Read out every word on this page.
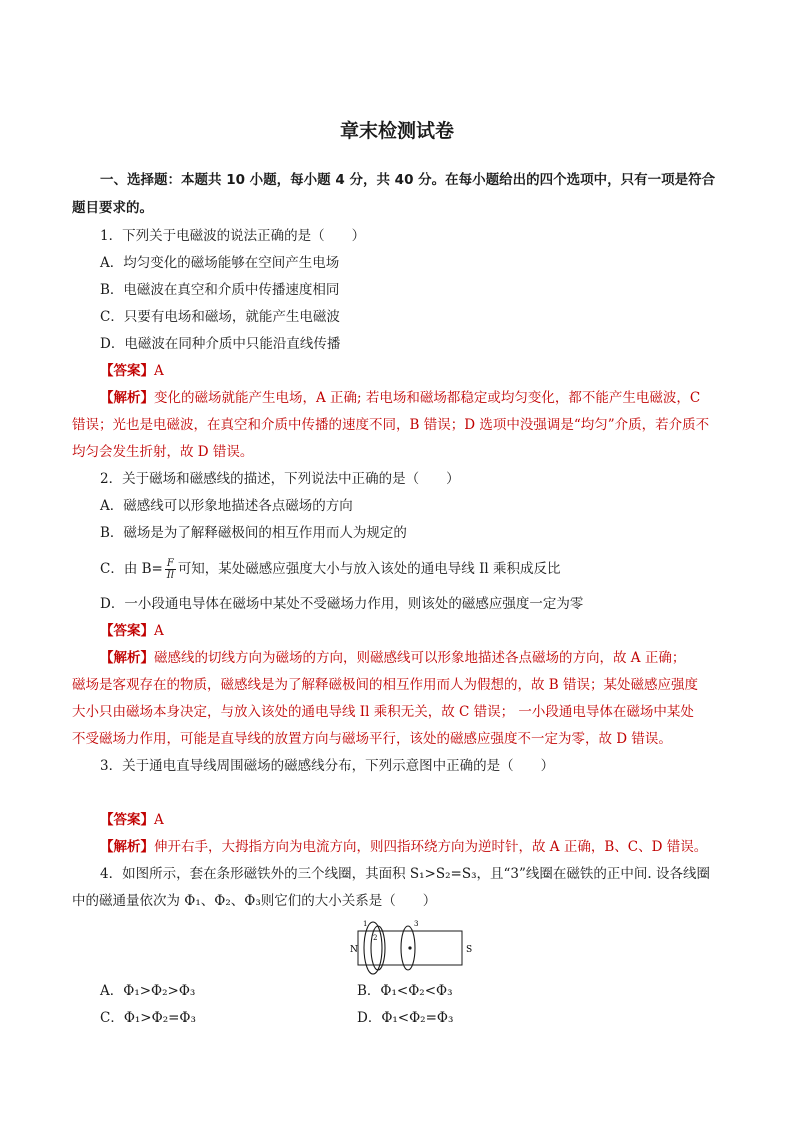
章末检测试卷
一、选择题：本题共 10 小题，每小题 4 分，共 40 分。在每小题给出的四个选项中，只有一项是符合
题目要求的。
1．下列关于电磁波的说法正确的是（　　）
A．均匀变化的磁场能够在空间产生电场
B．电磁波在真空和介质中传播速度相同
C．只要有电场和磁场，就能产生电磁波
D．电磁波在同种介质中只能沿直线传播
【答案】A
【解析】变化的磁场就能产生电场，A 正确; 若电场和磁场都稳定或均匀变化，都不能产生电磁波，C
错误；光也是电磁波，在真空和介质中传播的速度不同，B 错误；D 选项中没强调是“均匀”介质，若介质不
均匀会发生折射，故 D 错误。
2．关于磁场和磁感线的描述，下列说法中正确的是（　　）
A．磁感线可以形象地描述各点磁场的方向
B．磁场是为了解释磁极间的相互作用而人为规定的
C．由 $B= \frac{F}{Il}$ 可知，某处磁感应强度大小与放入该处的通电导线 Il 乘积成反比
D．一小段通电导体在磁场中某处不受磁场力作用，则该处的磁感应强度一定为零
【答案】A
【解析】磁感线的切线方向为磁场的方向，则磁感线可以形象地描述各点磁场的方向，故 A 正确；
磁场是客观存在的物质，磁感线是为了解释磁极间的相互作用而人为假想的，故 B 错误；某处磁感应强度
大小只由磁场本身决定，与放入该处的通电导线 Il 乘积无关，故 C 错误； 一小段通电导体在磁场中某处
不受磁场力作用，可能是直导线的放置方向与磁场平行，该处的磁感应强度不一定为零，故 D 错误。
3．关于通电直导线周围磁场的磁感线分布，下列示意图中正确的是（　　）
【答案】A
【解析】伸开右手，大拇指方向为电流方向，则四指环绕方向为逆时针，故 A 正确，B、C、D 错误。
4．如图所示，套在条形磁铁外的三个线圈，其面积 S₁>S₂=S₃，且“3”线圈在磁铁的正中间. 设各线圈
中的磁通量依次为 Φ₁、Φ₂、Φ₃则它们的大小关系是（　　）
N	S
1
2
3
A．Φ₁>Φ₂>Φ₃	B．Φ₁<Φ₂<Φ₃
C．Φ₁>Φ₂=Φ₃	D．Φ₁<Φ₂=Φ₃
